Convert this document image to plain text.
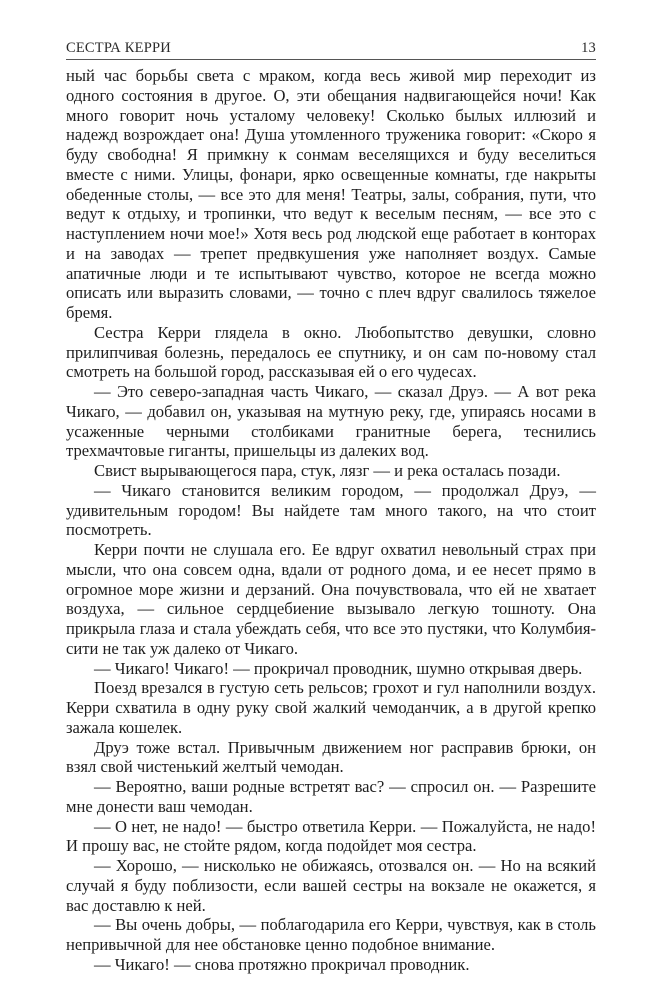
СЕСТРА КЕРРИ	13

ный час борьбы света с мраком, когда весь живой мир переходит из одного состояния в другое. О, эти обещания надвигающейся ночи! Как много говорит ночь усталому человеку! Сколько былых иллюзий и надежд возрождает она! Душа утомленного труженика говорит: «Скоро я буду свободна! Я примкну к сонмам веселящихся и буду веселиться вместе с ними. Улицы, фонари, ярко освещенные комнаты, где накрыты обеденные столы, — все это для меня! Театры, залы, собрания, пути, что ведут к отдыху, и тропинки, что ведут к веселым песням, — все это с наступлением ночи мое!» Хотя весь род людской еще работает в конторах и на заводах — трепет предвкушения уже наполняет воздух. Самые апатичные люди и те испытывают чувство, которое не всегда можно описать или выразить словами, — точно с плеч вдруг свалилось тяжелое бремя.

Сестра Керри глядела в окно. Любопытство девушки, словно прилипчивая болезнь, передалось ее спутнику, и он сам по-новому стал смотреть на большой город, рассказывая ей о его чудесах.

— Это северо-западная часть Чикаго, — сказал Друэ. — А вот река Чикаго, — добавил он, указывая на мутную реку, где, упираясь носами в усаженные черными столбиками гранитные берега, теснились трехмачтовые гиганты, пришельцы из далеких вод.

Свист вырывающегося пара, стук, лязг — и река осталась позади.

— Чикаго становится великим городом, — продолжал Друэ, — удивительным городом! Вы найдете там много такого, на что стоит посмотреть.

Керри почти не слушала его. Ее вдруг охватил невольный страх при мысли, что она совсем одна, вдали от родного дома, и ее несет прямо в огромное море жизни и дерзаний. Она почувствовала, что ей не хватает воздуха, — сильное сердцебиение вызывало легкую тошноту. Она прикрыла глаза и стала убеждать себя, что все это пустяки, что Колумбия-сити не так уж далеко от Чикаго.

— Чикаго! Чикаго! — прокричал проводник, шумно открывая дверь.

Поезд врезался в густую сеть рельсов; грохот и гул наполнили воздух. Керри схватила в одну руку свой жалкий чемоданчик, а в другой крепко зажала кошелек.

Друэ тоже встал. Привычным движением ног расправив брюки, он взял свой чистенький желтый чемодан.

— Вероятно, ваши родные встретят вас? — спросил он. — Разрешите мне донести ваш чемодан.

— О нет, не надо! — быстро ответила Керри. — Пожалуйста, не надо! И прошу вас, не стойте рядом, когда подойдет моя сестра.

— Хорошо, — нисколько не обижаясь, отозвался он. — Но на всякий случай я буду поблизости, если вашей сестры на вокзале не окажется, я вас доставлю к ней.

— Вы очень добры, — поблагодарила его Керри, чувствуя, как в столь непривычной для нее обстановке ценно подобное внимание.

— Чикаго! — снова протяжно прокричал проводник.
